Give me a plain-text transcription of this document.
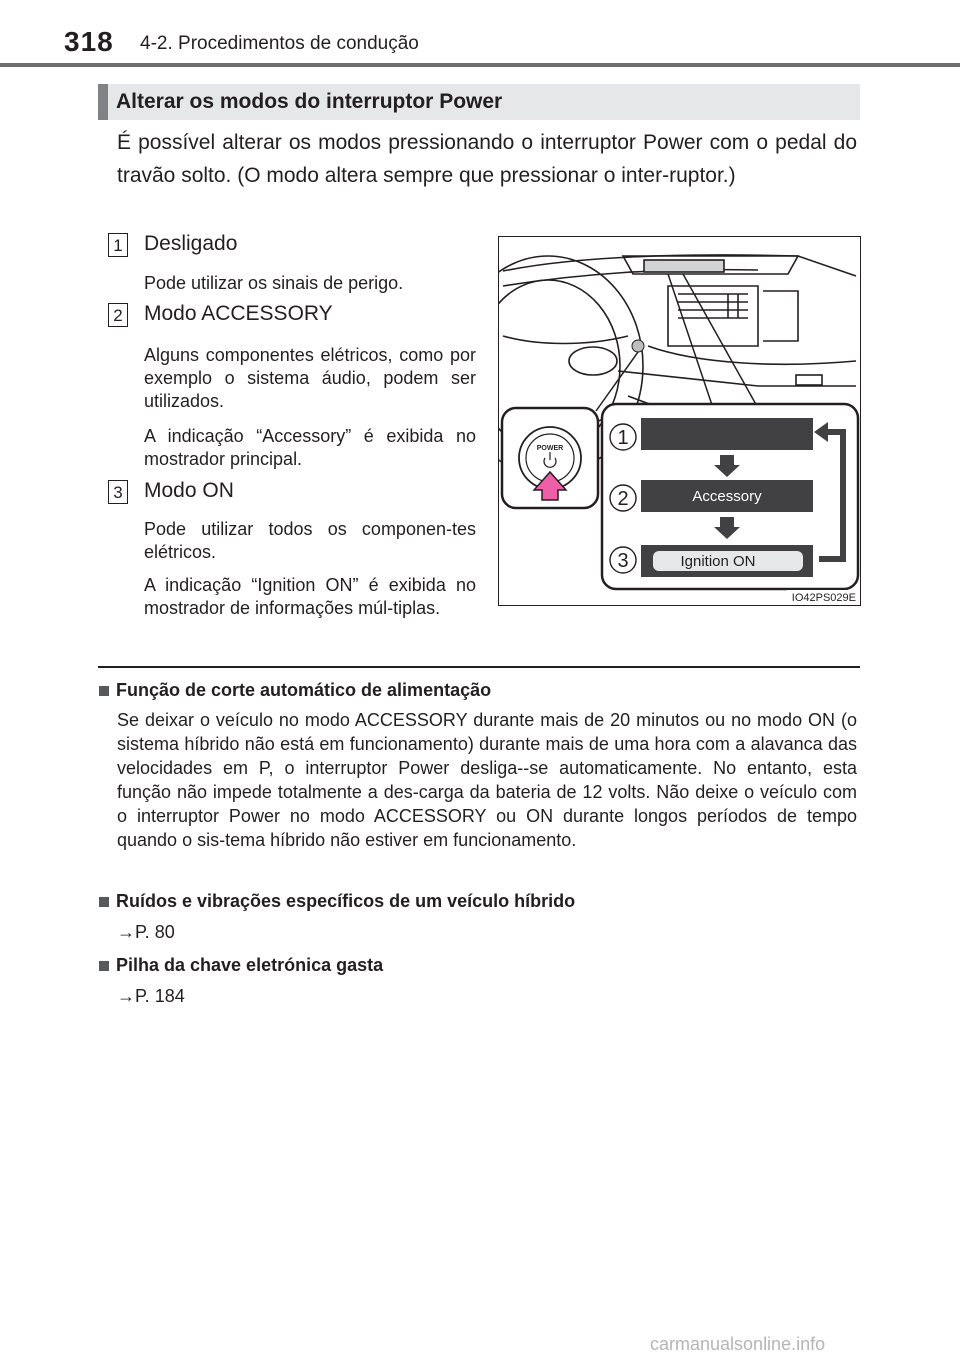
318 4-2. Procedimentos de condução
Alterar os modos do interruptor Power
É possível alterar os modos pressionando o interruptor Power com o pedal do travão solto. (O modo altera sempre que pressionar o inter-ruptor.)
1 Desligado
Pode utilizar os sinais de perigo.
2 Modo ACCESSORY
Alguns componentes elétricos, como por exemplo o sistema áudio, podem ser utilizados.
A indicação “Accessory” é exibida no mostrador principal.
3 Modo ON
Pode utilizar todos os componen-tes elétricos.
A indicação “Ignition ON” é exibida no mostrador de informações múl-tiplas.
POWER	1
2
3
Accessory
Ignition ON
IO42PS029E
Função de corte automático de alimentação
Se deixar o veículo no modo ACCESSORY durante mais de 20 minutos ou no modo ON (o sistema híbrido não está em funcionamento) durante mais de uma hora com a alavanca das velocidades em P, o interruptor Power desliga--se automaticamente. No entanto, esta função não impede totalmente a des-carga da bateria de 12 volts. Não deixe o veículo com o interruptor Power no modo ACCESSORY ou ON durante longos períodos de tempo quando o sis-tema híbrido não estiver em funcionamento.
Ruídos e vibrações específicos de um veículo híbrido
→P. 80
Pilha da chave eletrónica gasta
→P. 184
carmanualsonline.info
